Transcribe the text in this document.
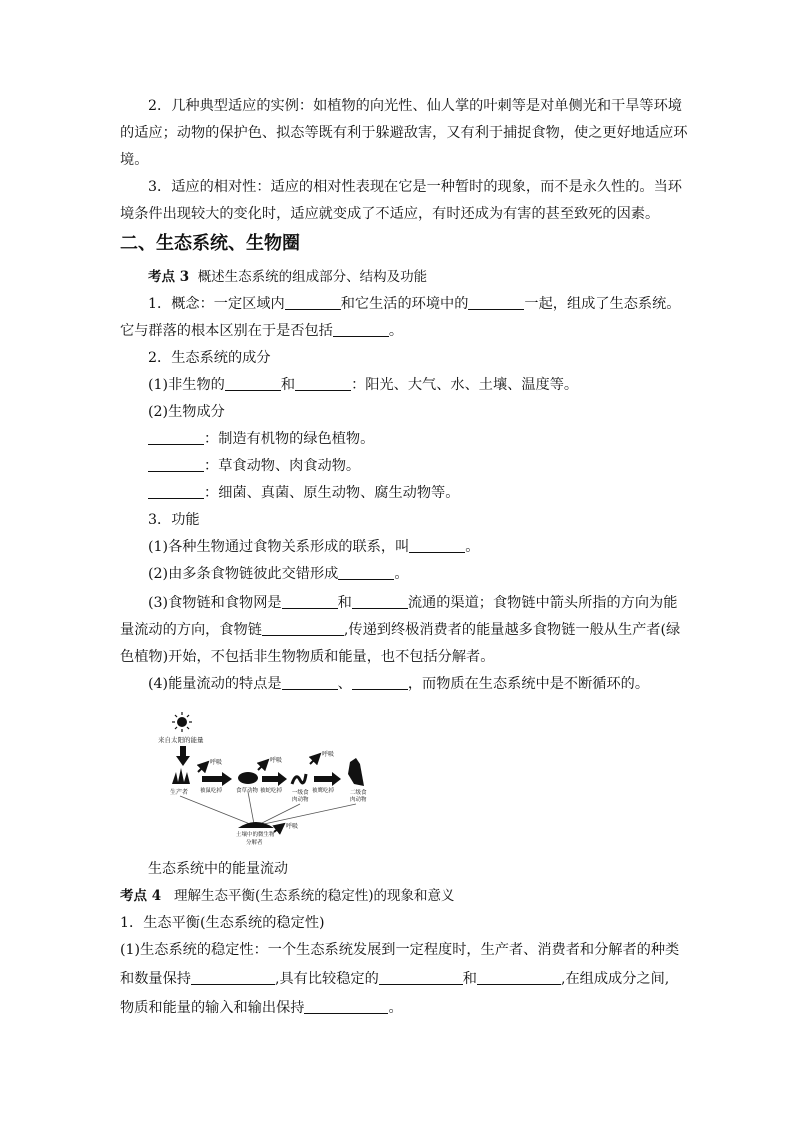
2．几种典型适应的实例：如植物的向光性、仙人掌的叶刺等是对单侧光和干旱等环境
的适应；动物的保护色、拟态等既有利于躲避敌害，又有利于捕捉食物，使之更好地适应环
境。
3．适应的相对性：适应的相对性表现在它是一种暂时的现象，而不是永久性的。当环
境条件出现较大的变化时，适应就变成了不适应，有时还成为有害的甚至致死的因素。
二、生态系统、生物圈
考点 3 概述生态系统的组成部分、结构及功能
1．概念：一定区域内	和它生活的环境中的	一起，组成了生态系统。
它与群落的根本区别在于是否包括	。
2．生态系统的成分
(1)非生物的	和	：阳光、大气、水、土壤、温度等。
(2)生物成分
：制造有机物的绿色植物。
：草食动物、肉食动物。
：细菌、真菌、原生动物、腐生动物等。
3．功能
(1)各种生物通过食物关系形成的联系，叫	。
(2)由多条食物链彼此交错形成	。
(3)食物链和食物网是	和	流通的渠道；食物链中箭头所指的方向为能
量流动的方向，食物链	,传递到终极消费者的能量越多食物链一般从生产者(绿
色植物)开始，不包括非生物物质和能量，也不包括分解者。
(4)能量流动的特点是	、	，而物质在生态系统中是不断循环的。
来自太阳的能量
生产者
呼吸
被鼠吃掉	食草动物
呼吸
被蛇吃掉 一级食
肉动物
呼吸
被鹰吃掉	二级食
肉动物
土壤中的微生物
分解者
呼吸
生态系统中的能量流动
考点 4 理解生态平衡(生态系统的稳定性)的现象和意义
1．生态平衡(生态系统的稳定性)
(1)生态系统的稳定性：一个生态系统发展到一定程度时，生产者、消费者和分解者的种类
和数量保持	,具有比较稳定的	和	,在组成成分之间,
物质和能量的输入和输出保持	。
